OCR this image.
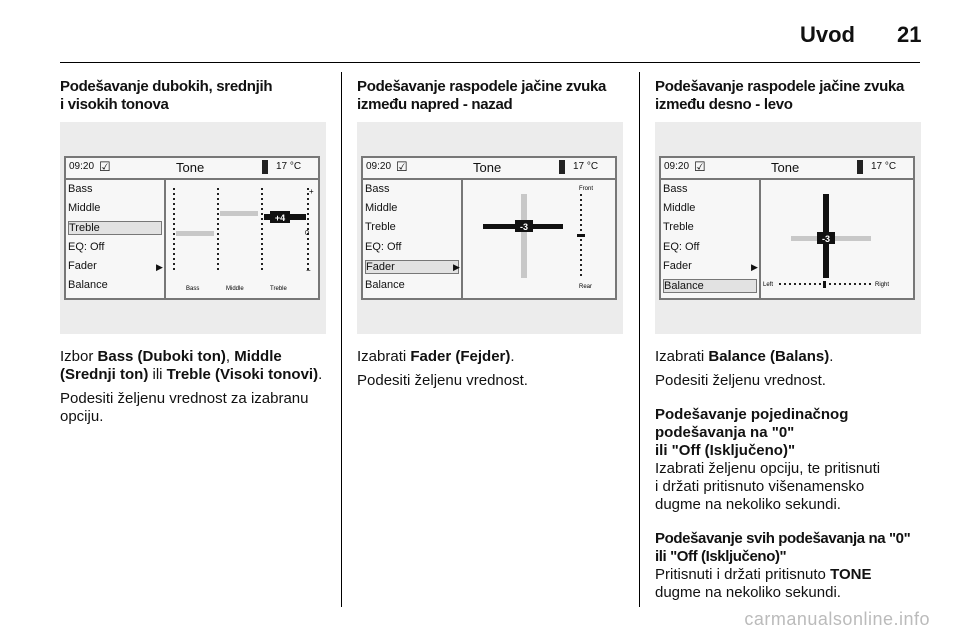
Uvod 21
Podešavanje dubokih, srednjih
i visokih tonova
09:20 ☑	Tone	17 °C
Bass
Middle
Treble
EQ: Off
Fader
Balance
▶
+4
+
0
−
Bass	Middle	Treble

Izbor Bass (Duboki ton), Middle (Srednji ton) ili Treble (Visoki tonovi).

Podesiti željenu vrednost za izabranu opciju.

Podešavanje raspodele jačine zvuka
između napred - nazad
09:20 ☑	Tone	17 °C
Bass
Middle
Treble
EQ: Off
Fader
Balance
▶
-3
Front
Rear

Izabrati Fader (Fejder).

Podesiti željenu vrednost.

Podešavanje raspodele jačine zvuka
između desno - levo
09:20 ☑	Tone	17 °C
Bass
Middle
Treble
EQ: Off
Fader
Balance
▶
-3
Left	Right

Izabrati Balance (Balans).

Podesiti željenu vrednost.

Podešavanje pojedinačnog
podešavanja na "0"
ili "Off (Isključeno)"

Izabrati željenu opciju, te pritisnuti
i držati pritisnuto višenamensko
dugme na nekoliko sekundi.

Podešavanje svih podešavanja na "0"
ili "Off (Isključeno)"

Pritisnuti i držati pritisnuto TONE
dugme na nekoliko sekundi.

carmanualsonline.info
